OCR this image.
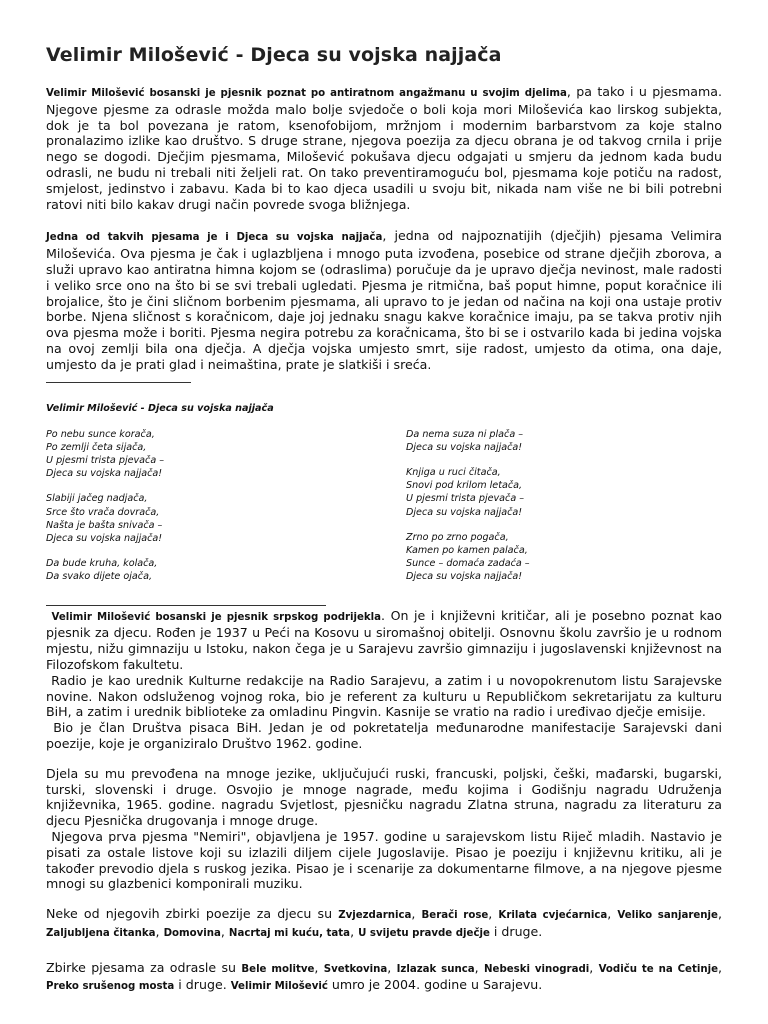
Velimir Milošević - Djeca su vojska najjača

Velimir Milošević bosanski je pjesnik poznat po antiratnom angažmanu u svojim djelima, pa tako i u pjesmama. Njegove pjesme za odrasle možda malo bolje svjedoče o boli koja mori Miloševića kao lirskog subjekta, dok je ta bol povezana je ratom, ksenofobijom, mržnjom i modernim barbarstvom za koje stalno pronalazimo izlike kao društvo. S druge strane, njegova poezija za djecu obrana je od takvog crnila i prije nego se dogodi. Dječjim pjesmama, Milošević pokušava djecu odgajati u smjeru da jednom kada budu odrasli, ne budu ni trebali niti željeli rat. On tako preventiramoguću bol, pjesmama koje potiču na radost, smjelost, jedinstvo i zabavu. Kada bi to kao djeca usadili u svoju bit, nikada nam više ne bi bili potrebni ratovi niti bilo kakav drugi način povrede svoga bližnjega.

Jedna od takvih pjesama je i Djeca su vojska najjača, jedna od najpoznatijih (dječjih) pjesama Velimira Miloševića. Ova pjesma je čak i uglazbljena i mnogo puta izvođena, posebice od strane dječjih zborova, a služi upravo kao antiratna himna kojom se (odraslima) poručuje da je upravo dječja nevinost, male radosti i veliko srce ono na što bi se svi trebali ugledati. Pjesma je ritmična, baš poput himne, poput koračnice ili brojalice, što je čini sličnom borbenim pjesmama, ali upravo to je jedan od načina na koji ona ustaje protiv borbe. Njena sličnost s koračnicom, daje joj jednaku snagu kakve koračnice imaju, pa se takva protiv njih ova pjesma može i boriti. Pjesma negira potrebu za koračnicama, što bi se i ostvarilo kada bi jedina vojska na ovoj zemlji bila ona dječja. A dječja vojska umjesto smrt, sije radost, umjesto da otima, ona daje, umjesto da je prati glad i neimaština, prate je slatkiši i sreća.

Velimir Milošević - Djeca su vojska najjača
Po nebu sunce korača,
Po zemlji četa sijača,
U pjesmi trista pjevača –
Djeca su vojska najjača!
Slabiji jačeg nadjača,
Srce što vrača dovrača,
Našta je bašta snivača –
Djeca su vojska najjača!
Da bude kruha, kolača,
Da svako dijete ojača,
Da nema suza ni plača –
Djeca su vojska najjača!
Knjiga u ruci čitača,
Snovi pod krilom letača,
U pjesmi trista pjevača –
Djeca su vojska najjača!
Zrno po zrno pogača,
Kamen po kamen palača,
Sunce – domaća zadaća –
Djeca su vojska najjača!

Velimir Milošević bosanski je pjesnik srpskog podrijekla. On je i književni kritičar, ali je posebno poznat kao pjesnik za djecu. Rođen je 1937 u Peći na Kosovu u siromašnoj obitelji. Osnovnu školu završio je u rodnom mjestu, nižu gimnaziju u Istoku, nakon čega je u Sarajevu završio gimnaziju i jugoslavenski književnost na Filozofskom fakultetu.

Radio je kao urednik Kulturne redakcije na Radio Sarajevu, a zatim i u novopokrenutom listu Sarajevske novine. Nakon odsluženog vojnog roka, bio je referent za kulturu u Republičkom sekretarijatu za kulturu BiH, a zatim i urednik biblioteke za omladinu Pingvin. Kasnije se vratio na radio i uređivao dječje emisije.

Bio je član Društva pisaca BiH. Jedan je od pokretatelja međunarodne manifestacije Sarajevski dani poezije, koje je organiziralo Društvo 1962. godine.

Djela su mu prevođena na mnoge jezike, uključujući ruski, francuski, poljski, češki, mađarski, bugarski, turski, slovenski i druge. Osvojio je mnoge nagrade, među kojima i Godišnju nagradu Udruženja književnika, 1965. godine. nagradu Svjetlost, pjesničku nagradu Zlatna struna, nagradu za literaturu za djecu Pjesnička drugovanja i mnoge druge.

Njegova prva pjesma "Nemiri", objavljena je 1957. godine u sarajevskom listu Riječ mladih. Nastavio je pisati za ostale listove koji su izlazili diljem cijele Jugoslavije. Pisao je poeziju i književnu kritiku, ali je također prevodio djela s ruskog jezika. Pisao je i scenarije za dokumentarne filmove, a na njegove pjesme mnogi su glazbenici komponirali muziku.

Neke od njegovih zbirki poezije za djecu su Zvjezdarnica, Berači rose, Krilata cvjećarnica, Veliko sanjarenje, Zaljubljena čitanka, Domovina, Nacrtaj mi kuću, tata, U svijetu pravde dječje i druge.

Zbirke pjesama za odrasle su Bele molitve, Svetkovina, Izlazak sunca, Nebeski vinogradi, Vodiču te na Cetinje, Preko srušenog mosta i druge. Velimir Milošević umro je 2004. godine u Sarajevu.
